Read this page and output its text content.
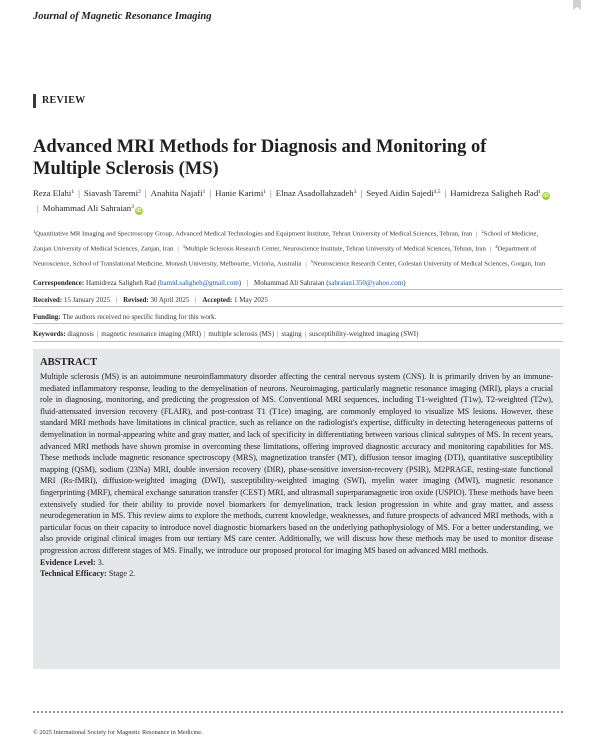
Journal of Magnetic Resonance Imaging
REVIEW
Advanced MRI Methods for Diagnosis and Monitoring of Multiple Sclerosis (MS)
Reza Elahi$^1$ | Siavash Taremi$^2$ | Anahita Najafi$^1$ | Hanie Karimi$^1$ | Elnaz Asadollahzadeh$^3$ | Seyed Aidin Sajedi$^{4,5}$ | Hamidreza Saligheh Rad$^1$iD| Mohammad Ali Sahraian$^3$iD
$^1$Quantitative MR Imaging and Spectroscopy Group, Advanced Medical Technologies and Equipment Institute, Tehran University of Medical Sciences, Tehran, Iran | $^2$School of Medicine, Zanjan University of Medical Sciences, Zanjan, Iran | $^3$Multiple Sclerosis Research Center, Neuroscience Institute, Tehran University of Medical Sciences, Tehran, Iran | $^4$Department of Neuroscience, School of Translational Medicine, Monash University, Melbourne, Victoria, Australia | $^5$Neuroscience Research Center, Golestan University of Medical Sciences, Gorgan, Iran
Correspondence: Hamidreza Saligheh Rad (hamid.saligheh@gmail.com) | Mohammad Ali Sahraian (sahraian1350@yahoo.com)
Received: 15 January 2025 | Revised: 30 April 2025 | Accepted: 1 May 2025
Funding: The authors received no specific funding for this work.
Keywords: diagnosis | magnetic resonance imaging (MRI) | multiple sclerosis (MS) | staging | susceptibility-weighted imaging (SWI)

ABSTRACT

Multiple sclerosis (MS) is an autoimmune neuroinflammatory disorder affecting the central nervous system (CNS). It is primarily driven by an immune-mediated inflammatory response, leading to the demyelination of neurons. Neuroimaging, particularly magnetic resonance imaging (MRI), plays a crucial role in diagnosing, monitoring, and predicting the progression of MS. Conventional MRI sequences, including T1-weighted (T1w), T2-weighted (T2w), fluid-attenuated inversion recovery (FLAIR), and post-contrast T1 (T1ce) imaging, are commonly employed to visualize MS lesions. However, these standard MRI methods have limitations in clinical practice, such as reliance on the radiologist's expertise, difficulty in detecting heterogeneous patterns of demyelination in normal-appearing white and gray matter, and lack of specificity in differentiating between various clinical subtypes of MS. In recent years, advanced MRI methods have shown promise in overcoming these limitations, offering improved diagnostic accuracy and monitoring capabilities for MS. These methods include magnetic resonance spectroscopy (MRS), magnetization transfer (MT), diffusion tensor imaging (DTI), quantitative susceptibility mapping (QSM), sodium (23Na) MRI, double inversion recovery (DIR), phase-sensitive inversion-recovery (PSIR), M2PRAGE, resting-state functional MRI (Rs-fMRI), diffusion-weighted imaging (DWI), susceptibility-weighted imaging (SWI), myelin water imaging (MWI), magnetic resonance fingerprinting (MRF), chemical exchange saturation transfer (CEST) MRI, and ultrasmall superparamagnetic iron oxide (USPIO). These methods have been extensively studied for their ability to provide novel biomarkers for demyelination, track lesion progression in white and gray matter, and assess neurodegeneration in MS. This review aims to explore the methods, current knowledge, weaknesses, and future prospects of advanced MRI methods, with a particular focus on their capacity to introduce novel diagnostic biomarkers based on the underlying pathophysiology of MS. For a better understanding, we also provide original clinical images from our tertiary MS care center. Additionally, we will discuss how these methods may be used to monitor disease progression across different stages of MS. Finally, we introduce our proposed protocol for imaging MS based on advanced MRI methods.

Evidence Level: 3.

Technical Efficacy: Stage 2.

© 2025 International Society for Magnetic Resonance in Medicine.
